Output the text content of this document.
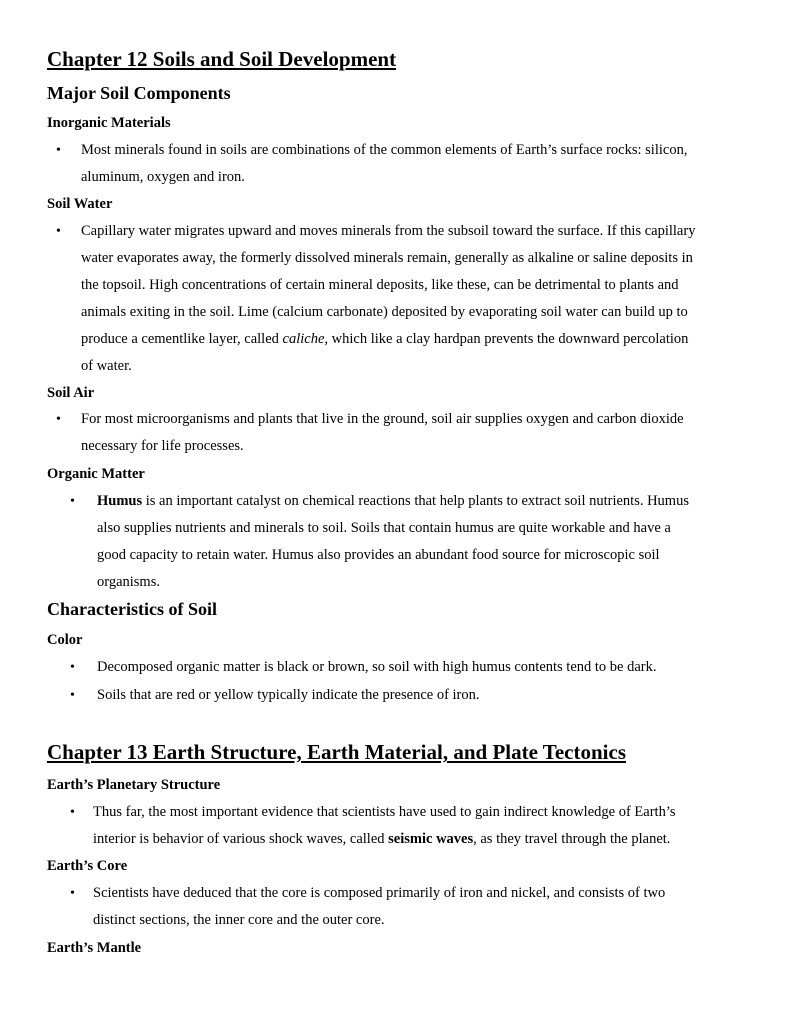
Chapter 12 Soils and Soil Development
Major Soil Components
Inorganic Materials
• Most minerals found in soils are combinations of the common elements of Earth’s surface rocks: silicon,
aluminum, oxygen and iron.
Soil Water
• Capillary water migrates upward and moves minerals from the subsoil toward the surface. If this capillary
water evaporates away, the formerly dissolved minerals remain, generally as alkaline or saline deposits in
the topsoil. High concentrations of certain mineral deposits, like these, can be detrimental to plants and
animals exiting in the soil. Lime (calcium carbonate) deposited by evaporating soil water can build up to
produce a cementlike layer, called caliche, which like a clay hardpan prevents the downward percolation
of water.
Soil Air
• For most microorganisms and plants that live in the ground, soil air supplies oxygen and carbon dioxide
necessary for life processes.
Organic Matter
• Humus is an important catalyst on chemical reactions that help plants to extract soil nutrients. Humus
also supplies nutrients and minerals to soil. Soils that contain humus are quite workable and have a
good capacity to retain water. Humus also provides an abundant food source for microscopic soil
organisms.
Characteristics of Soil
Color
• Decomposed organic matter is black or brown, so soil with high humus contents tend to be dark.
• Soils that are red or yellow typically indicate the presence of iron.
Chapter 13 Earth Structure, Earth Material, and Plate Tectonics
Earth’s Planetary Structure
• Thus far, the most important evidence that scientists have used to gain indirect knowledge of Earth’s
interior is behavior of various shock waves, called seismic waves, as they travel through the planet.
Earth’s Core
• Scientists have deduced that the core is composed primarily of iron and nickel, and consists of two
distinct sections, the inner core and the outer core.
Earth’s Mantle
